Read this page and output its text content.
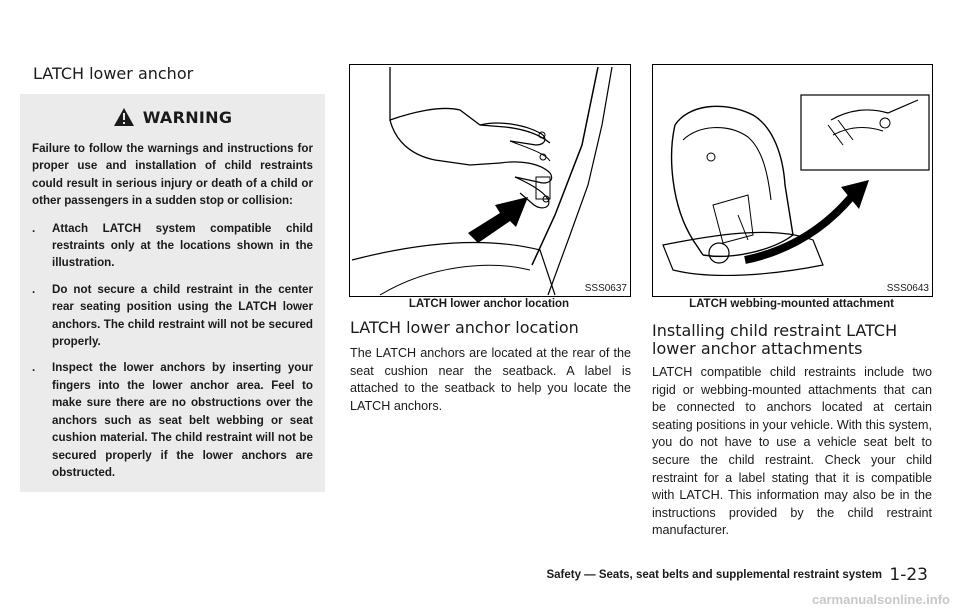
LATCH lower anchor
WARNING

Failure to follow the warnings and instructions for proper use and installation of child restraints could result in serious injury or death of a child or other passengers in a sudden stop or collision:

.	Attach LATCH system compatible child restraints only at the locations shown in the illustration.
.	Do not secure a child restraint in the center rear seating position using the LATCH lower anchors. The child restraint will not be secured properly.
.	Inspect the lower anchors by inserting your fingers into the lower anchor area. Feel to make sure there are no obstructions over the anchors such as seat belt webbing or seat cushion material. The child restraint will not be secured properly if the lower anchors are obstructed.
SSS0637
LATCH lower anchor location
LATCH lower anchor location
The LATCH anchors are located at the rear of the seat cushion near the seatback. A label is attached to the seatback to help you locate the LATCH anchors.
SSS0643
LATCH webbing-mounted attachment
Installing child restraint LATCH lower anchor attachments
LATCH compatible child restraints include two rigid or webbing-mounted attachments that can be connected to anchors located at certain seating positions in your vehicle. With this system, you do not have to use a vehicle seat belt to secure the child restraint. Check your child restraint for a label stating that it is compatible with LATCH. This information may also be in the instructions provided by the child restraint manufacturer.
Safety — Seats, seat belts and supplemental restraint system 1-23
carmanualsonline.info
